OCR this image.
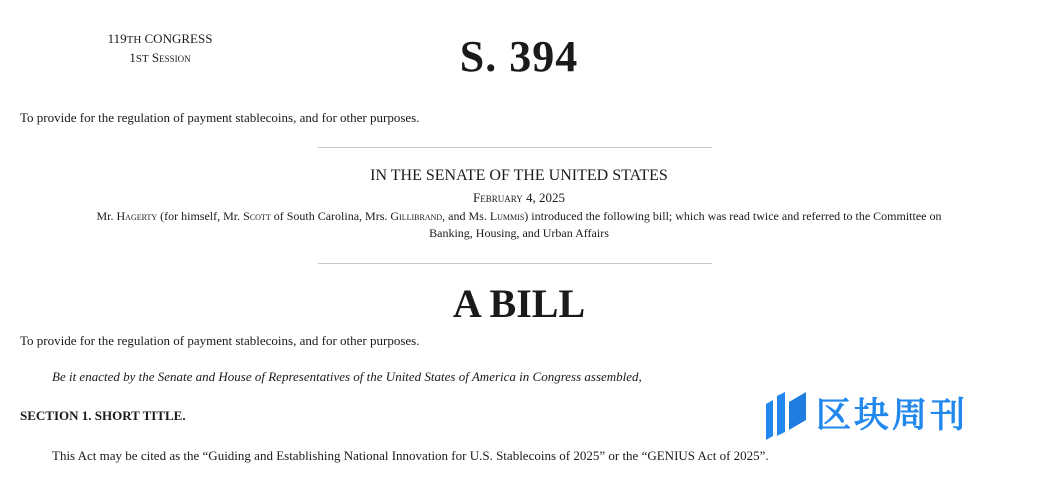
119TH CONGRESS
1ST Session	S. 394
To provide for the regulation of payment stablecoins, and for other purposes.
IN THE SENATE OF THE UNITED STATES
February 4, 2025
Mr. Hagerty (for himself, Mr. Scott of South Carolina, Mrs. Gillibrand, and Ms. Lummis) introduced the following bill; which was read twice and referred to the Committee on
Banking, Housing, and Urban Affairs
A BILL
To provide for the regulation of payment stablecoins, and for other purposes.
Be it enacted by the Senate and House of Representatives of the United States of America in Congress assembled,
SECTION 1. SHORT TITLE.
This Act may be cited as the “Guiding and Establishing National Innovation for U.S. Stablecoins of 2025” or the “GENIUS Act of 2025”.
区块周刊
